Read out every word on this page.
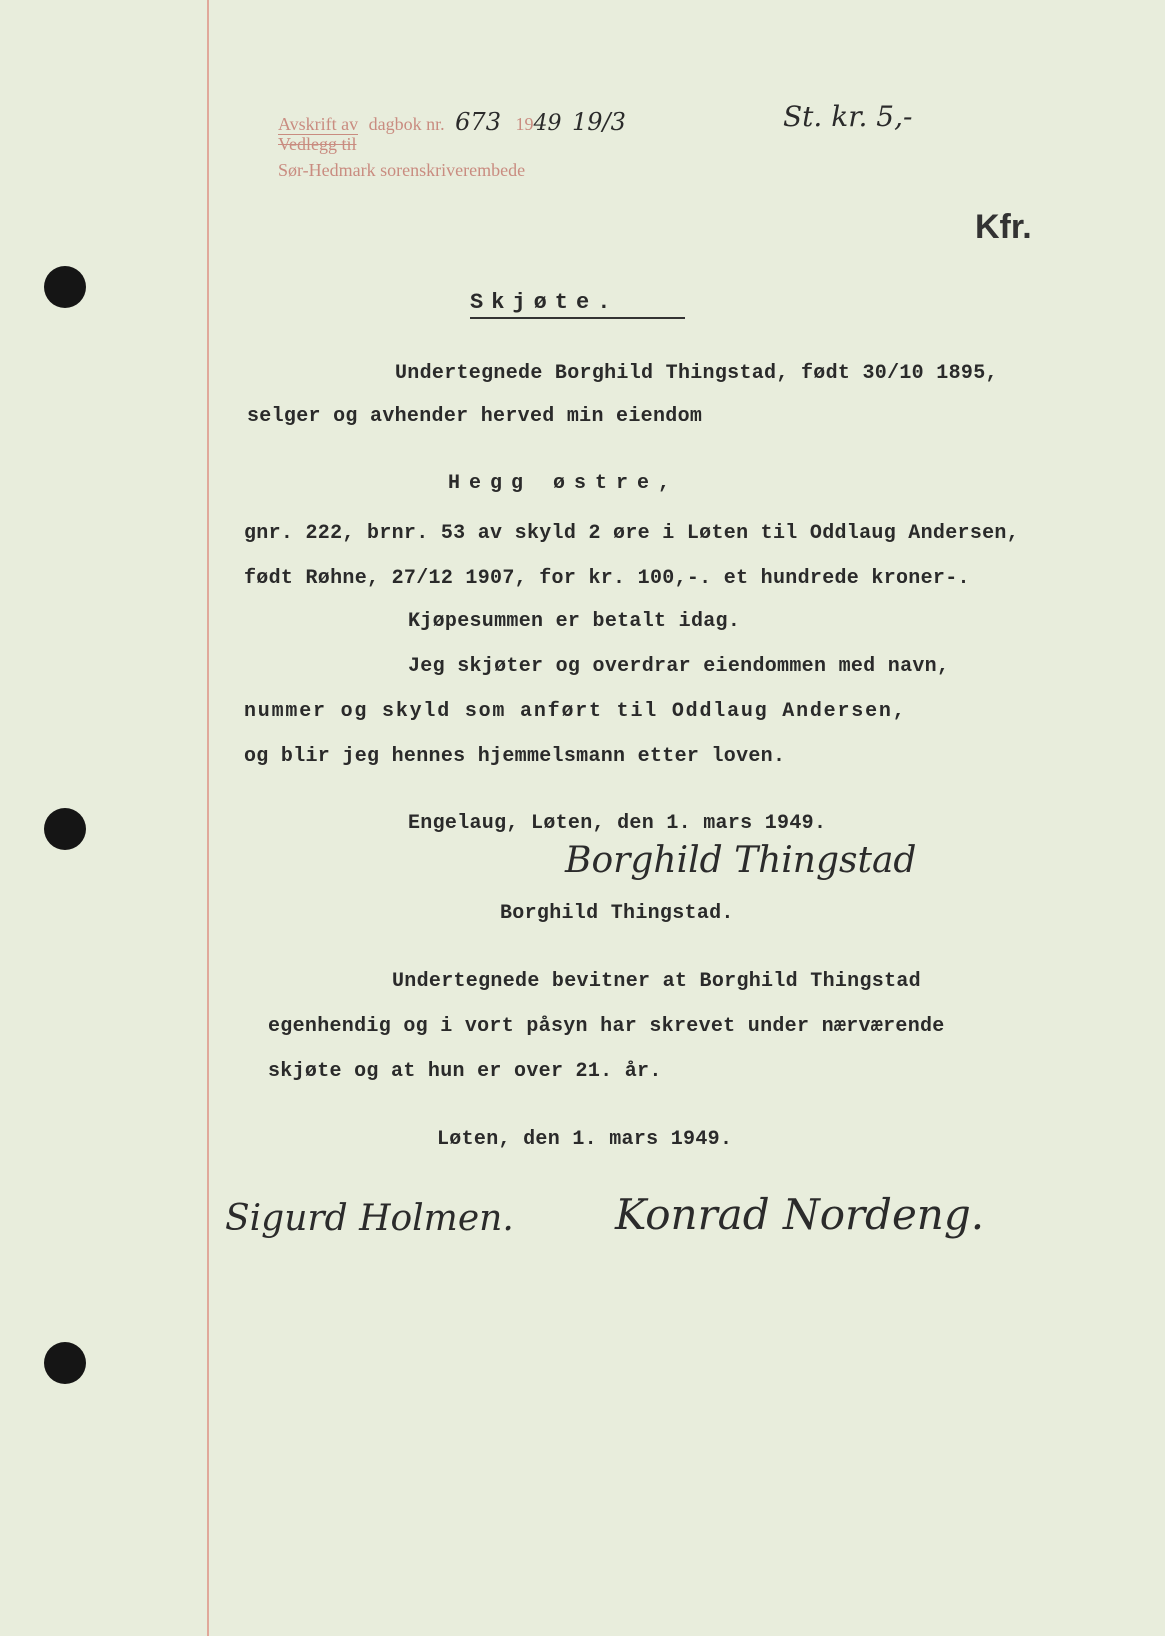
Avskrift av dagbok nr. 673 1949 19/3
Vedlegg til
Sør-Hedmark sorenskriverembede
St. kr. 5,-
Kfr.
Skjøte.
Undertegnede Borghild Thingstad, født 30/10 1895,
selger og avhender herved min eiendom
Hegg østre,
gnr. 222, brnr. 53 av skyld 2 øre i Løten til Oddlaug Andersen,
født Røhne, 27/12 1907, for kr. 100,-. et hundrede kroner-.
Kjøpesummen er betalt idag.
Jeg skjøter og overdrar eiendommen med navn,
nummer og skyld som anført til Oddlaug Andersen,
og blir jeg hennes hjemmelsmann etter loven.
Engelaug, Løten, den 1. mars 1949.
Borghild Thingstad
Borghild Thingstad.
Undertegnede bevitner at Borghild Thingstad
egenhendig og i vort påsyn har skrevet under nærværende
skjøte og at hun er over 21. år.
Løten, den 1. mars 1949.
Sigurd Holmen. Konrad Nordeng.
